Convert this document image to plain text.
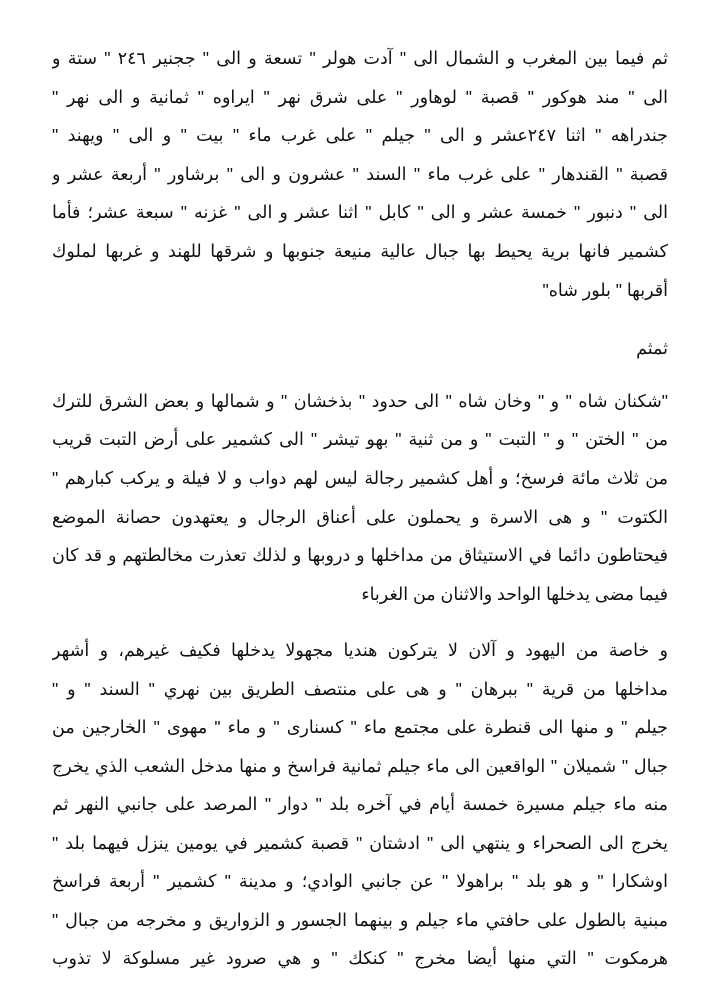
ثم فيما بين المغرب و الشمال الى " آدت هولر " تسعة و الى " ججنير ۲٤٦ " ستة و
الى " مند هوكور " قصبة " لوهاور " على شرق نهر " ايراوه " ثمانية و الى نهر "
جندراهه " اثنا ۲٤۷عشر و الى " جيلم " على غرب ماء " بيت " و الى " ويهند "
قصبة " القندهار " على غرب ماء " السند " عشرون و الى " برشاور " أربعة عشر و
الى " دنبور " خمسة عشر و الى " كابل " اثنا عشر و الى " غزنه " سبعة عشر؛ فأما
كشمير فانها برية يحيط بها جبال عالية منيعة جنوبها و شرقها للهند و غربها لملوك
أقربها " بلور شاه"
ثمثم
"شكنان شاه " و " وخان شاه " الى حدود " بذخشان " و شمالها و بعض الشرق للترك
من " الختن " و " التبت " و من ثنية " بهو تيشر " الى كشمير على أرض التبت قريب
من ثلاث مائة فرسخ؛ و أهل كشمير رجالة ليس لهم دواب و لا فيلة و يركب كبارهم "
الكتوت " و هى الاسرة و يحملون على أعناق الرجال و يعتهدون حصانة الموضع
فيحتاطون دائما في الاستيثاق من مداخلها و دروبها و لذلك تعذرت مخالطتهم و قد كان
فيما مضى يدخلها الواحد والاثنان من الغرباء
و خاصة من اليهود و آلان لا يتركون هنديا مجهولا يدخلها فكيف غيرهم، و أشهر
مداخلها من قرية " ببرهان " و هى على منتصف الطريق بين نهري " السند " و "
جيلم " و منها الى قنطرة على مجتمع ماء " كسنارى " و ماء " مهوى " الخارجين من
جبال " شميلان " الواقعين الى ماء جيلم ثمانية فراسخ و منها مدخل الشعب الذي يخرج
منه ماء جيلم مسيرة خمسة أيام في آخره بلد " دوار " المرصد على جانبي النهر ثم
يخرج الى الصحراء و ينتهي الى " ادشتان " قصبة كشمير في يومين ينزل فيهما بلد "
اوشكارا " و هو بلد " براهولا " عن جانبي الوادي؛ و مدينة " كشمير " أربعة فراسخ
مبنية بالطول على حافتي ماء جيلم و بينهما الجسور و الزواريق و مخرجه من جبال "
هرمكوت " التي منها أيضا مخرج " كنكك " و هي صرود غير مسلوكة لا تذوب
